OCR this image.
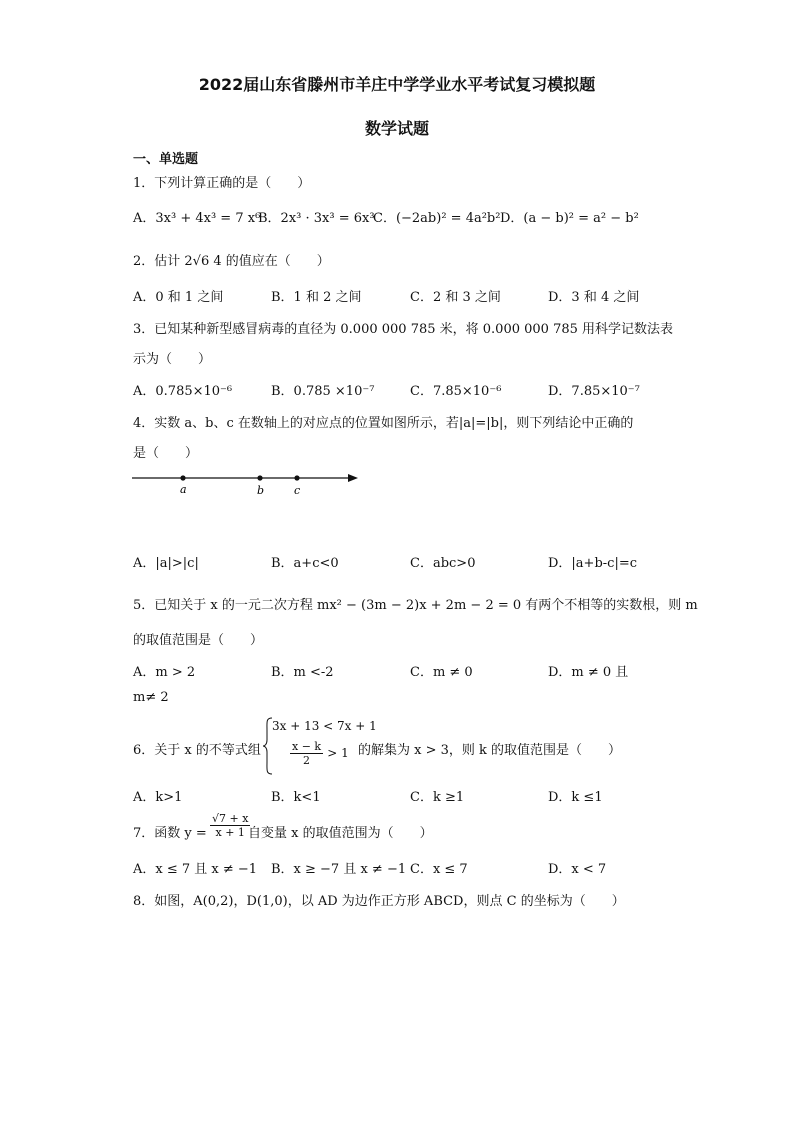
2022届山东省滕州市羊庄中学学业水平考试复习模拟题
数学试题
一、单选题
1．下列计算正确的是（　　）
A．3x³ + 4x³ = 7 x⁶
B．2x³ · 3x³ = 6x³
C．(−2ab)² = 4a²b² D．(a − b)² = a² − b²
2．估计 2√6 4 的值应在（　　）
A．0 和 1 之间	B．1 和 2 之间	C．2 和 3 之间	D．3 和 4 之间
3．已知某种新型感冒病毒的直径为 0.000 000 785 米，将 0.000 000 785 用科学记数法表
示为（　　）
A．0.785×10⁻⁶	B．0.785 ×10⁻⁷	C．7.85×10⁻⁶	D．7.85×10⁻⁷
4．实数 a、b、c 在数轴上的对应点的位置如图所示，若|a|=|b|，则下列结论中正确的
是（　　）
a	b	c
A．|a|>|c|	B．a+c<0	C．abc>0	D．|a+b-c|=c
5．已知关于 x 的一元二次方程 mx² − (3m − 2)x + 2m − 2 = 0 有两个不相等的实数根，则 m
的取值范围是（　　）
A．m > 2	B．m <-2	C．m ≠ 0	D．m ≠ 0 且
m≠ 2
6．关于 x 的不等式组
3x + 13 < 7x + 1
$\frac{x - k}{2} > 1$ 的解集为 x > 3，则 k 的取值范围是（　　）
A．k>1	B．k<1	C．k ≥1	D．k ≤1
7．函数 $y = \frac{√7 + x}{x + 1}$
自变量 x 的取值范围为（　　）
A．x ≤ 7 且 x ≠ −1 B．x ≥ −7 且 x ≠ −1 C．x ≤ 7	D．x < 7
8．如图，A(0,2)，D(1,0)，以 AD 为边作正方形 ABCD，则点 C 的坐标为（　　）
